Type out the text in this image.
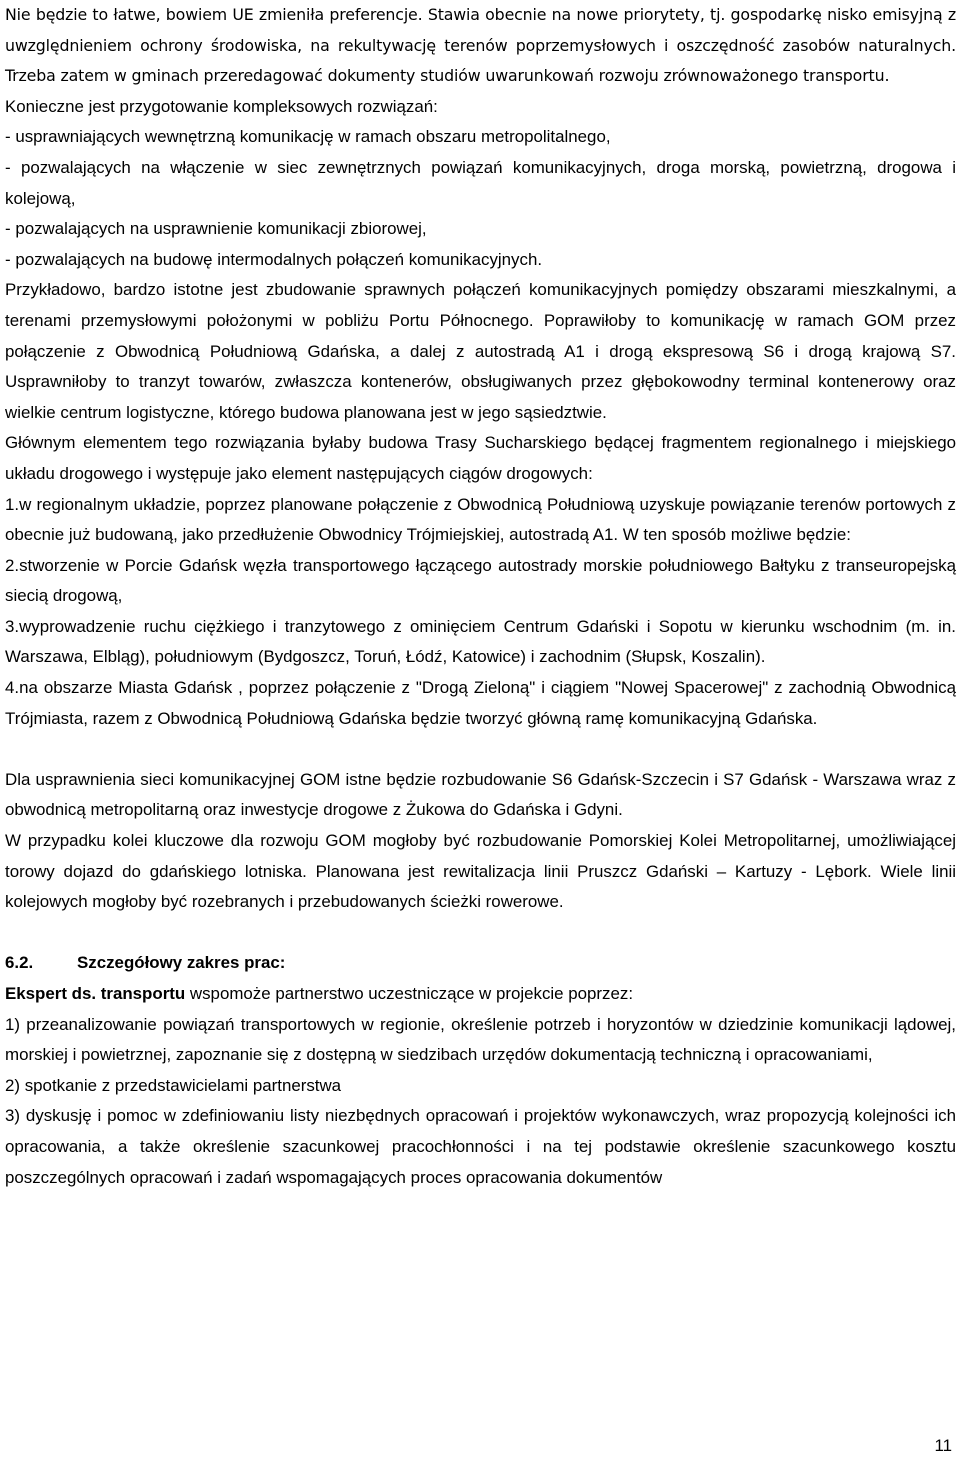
Nie będzie to łatwe, bowiem UE zmieniła preferencje. Stawia obecnie na nowe priorytety, tj. gospodarkę nisko emisyjną z uwzględnieniem ochrony środowiska, na rekultywację terenów poprzemysłowych i oszczędność zasobów naturalnych. Trzeba zatem w gminach przeredagować dokumenty studiów uwarunkowań rozwoju zrównoważonego transportu.

Konieczne jest przygotowanie kompleksowych rozwiązań:

- usprawniających wewnętrzną komunikację w ramach obszaru metropolitalnego,

- pozwalających na włączenie w siec zewnętrznych powiązań komunikacyjnych, droga morską, powietrzną, drogowa i kolejową,

- pozwalających na usprawnienie komunikacji zbiorowej,

- pozwalających na budowę intermodalnych połączeń komunikacyjnych.

Przykładowo, bardzo istotne jest zbudowanie sprawnych połączeń komunikacyjnych pomiędzy obszarami mieszkalnymi, a terenami przemysłowymi położonymi w pobliżu Portu Północnego. Poprawiłoby to komunikację w ramach GOM przez połączenie z Obwodnicą Południową Gdańska, a dalej z autostradą A1 i drogą ekspresową S6 i drogą krajową S7. Usprawniłoby to tranzyt towarów, zwłaszcza kontenerów, obsługiwanych przez głębokowodny terminal kontenerowy oraz wielkie centrum logistyczne, którego budowa planowana jest w jego sąsiedztwie.

Głównym elementem tego rozwiązania byłaby budowa Trasy Sucharskiego będącej fragmentem regionalnego i miejskiego układu drogowego i występuje jako element następujących ciągów drogowych:

1.w regionalnym układzie, poprzez planowane połączenie z Obwodnicą Południową uzyskuje powiązanie terenów portowych z obecnie już budowaną, jako przedłużenie Obwodnicy Trójmiejskiej, autostradą A1. W ten sposób możliwe będzie:

2.stworzenie w Porcie Gdańsk węzła transportowego łączącego autostrady morskie południowego Bałtyku z transeuropejską siecią drogową,

3.wyprowadzenie ruchu ciężkiego i tranzytowego z ominięciem Centrum Gdański i Sopotu w kierunku wschodnim (m. in. Warszawa, Elbląg), południowym (Bydgoszcz, Toruń, Łódź, Katowice) i zachodnim (Słupsk, Koszalin).

4.na obszarze Miasta Gdańsk , poprzez połączenie z "Drogą Zieloną" i ciągiem "Nowej Spacerowej" z zachodnią Obwodnicą Trójmiasta, razem z Obwodnicą Południową Gdańska będzie tworzyć główną ramę komunikacyjną Gdańska.

Dla usprawnienia sieci komunikacyjnej GOM istne będzie rozbudowanie S6 Gdańsk-Szczecin i S7 Gdańsk - Warszawa wraz z obwodnicą metropolitarną oraz inwestycje drogowe z Żukowa do Gdańska i Gdyni.

W przypadku kolei kluczowe dla rozwoju GOM mogłoby być rozbudowanie Pomorskiej Kolei Metropolitarnej, umożliwiającej torowy dojazd do gdańskiego lotniska. Planowana jest rewitalizacja linii Pruszcz Gdański – Kartuzy - Lębork. Wiele linii kolejowych mogłoby być rozebranych i przebudowanych ścieżki rowerowe.

6.2.	Szczegółowy zakres prac:

Ekspert ds. transportu wspomoże partnerstwo uczestniczące w projekcie poprzez:

1) przeanalizowanie powiązań transportowych w regionie, określenie potrzeb i horyzontów w dziedzinie komunikacji lądowej, morskiej i powietrznej, zapoznanie się z dostępną w siedzibach urzędów dokumentacją techniczną i opracowaniami,

2) spotkanie z przedstawicielami partnerstwa

3) dyskusję i pomoc w zdefiniowaniu listy niezbędnych opracowań i projektów wykonawczych, wraz propozycją kolejności ich opracowania, a także określenie szacunkowej pracochłonności i na tej podstawie określenie szacunkowego kosztu poszczególnych opracowań i zadań wspomagających proces opracowania dokumentów

11
